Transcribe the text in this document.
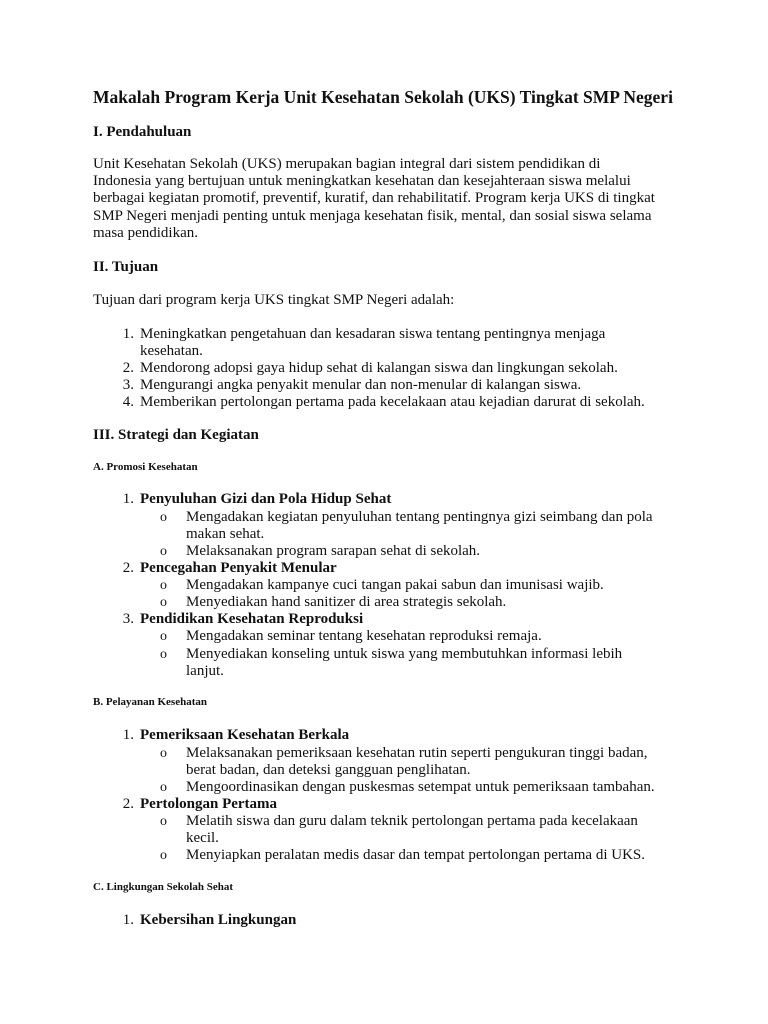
Makalah Program Kerja Unit Kesehatan Sekolah (UKS) Tingkat SMP Negeri
I. Pendahuluan

Unit Kesehatan Sekolah (UKS) merupakan bagian integral dari sistem pendidikan di
Indonesia yang bertujuan untuk meningkatkan kesehatan dan kesejahteraan siswa melalui
berbagai kegiatan promotif, preventif, kuratif, dan rehabilitatif. Program kerja UKS di tingkat
SMP Negeri menjadi penting untuk menjaga kesehatan fisik, mental, dan sosial siswa selama
masa pendidikan.

II. Tujuan

Tujuan dari program kerja UKS tingkat SMP Negeri adalah:

1. Meningkatkan pengetahuan dan kesadaran siswa tentang pentingnya menjaga
kesehatan.

2. Mendorong adopsi gaya hidup sehat di kalangan siswa dan lingkungan sekolah.

3. Mengurangi angka penyakit menular dan non-menular di kalangan siswa.

4. Memberikan pertolongan pertama pada kecelakaan atau kejadian darurat di sekolah.

III. Strategi dan Kegiatan
A. Promosi Kesehatan
1. Penyuluhan Gizi dan Pola Hidup Sehat

o Mengadakan kegiatan penyuluhan tentang pentingnya gizi seimbang dan pola
makan sehat.

o Melaksanakan program sarapan sehat di sekolah.

2. Pencegahan Penyakit Menular

o Mengadakan kampanye cuci tangan pakai sabun dan imunisasi wajib.

o Menyediakan hand sanitizer di area strategis sekolah.

3. Pendidikan Kesehatan Reproduksi

o Mengadakan seminar tentang kesehatan reproduksi remaja.

o Menyediakan konseling untuk siswa yang membutuhkan informasi lebih
lanjut.

B. Pelayanan Kesehatan
1. Pemeriksaan Kesehatan Berkala

o Melaksanakan pemeriksaan kesehatan rutin seperti pengukuran tinggi badan,
berat badan, dan deteksi gangguan penglihatan.

o Mengoordinasikan dengan puskesmas setempat untuk pemeriksaan tambahan.

2. Pertolongan Pertama

o Melatih siswa dan guru dalam teknik pertolongan pertama pada kecelakaan
kecil.

o Menyiapkan peralatan medis dasar dan tempat pertolongan pertama di UKS.

C. Lingkungan Sekolah Sehat
1. Kebersihan Lingkungan
